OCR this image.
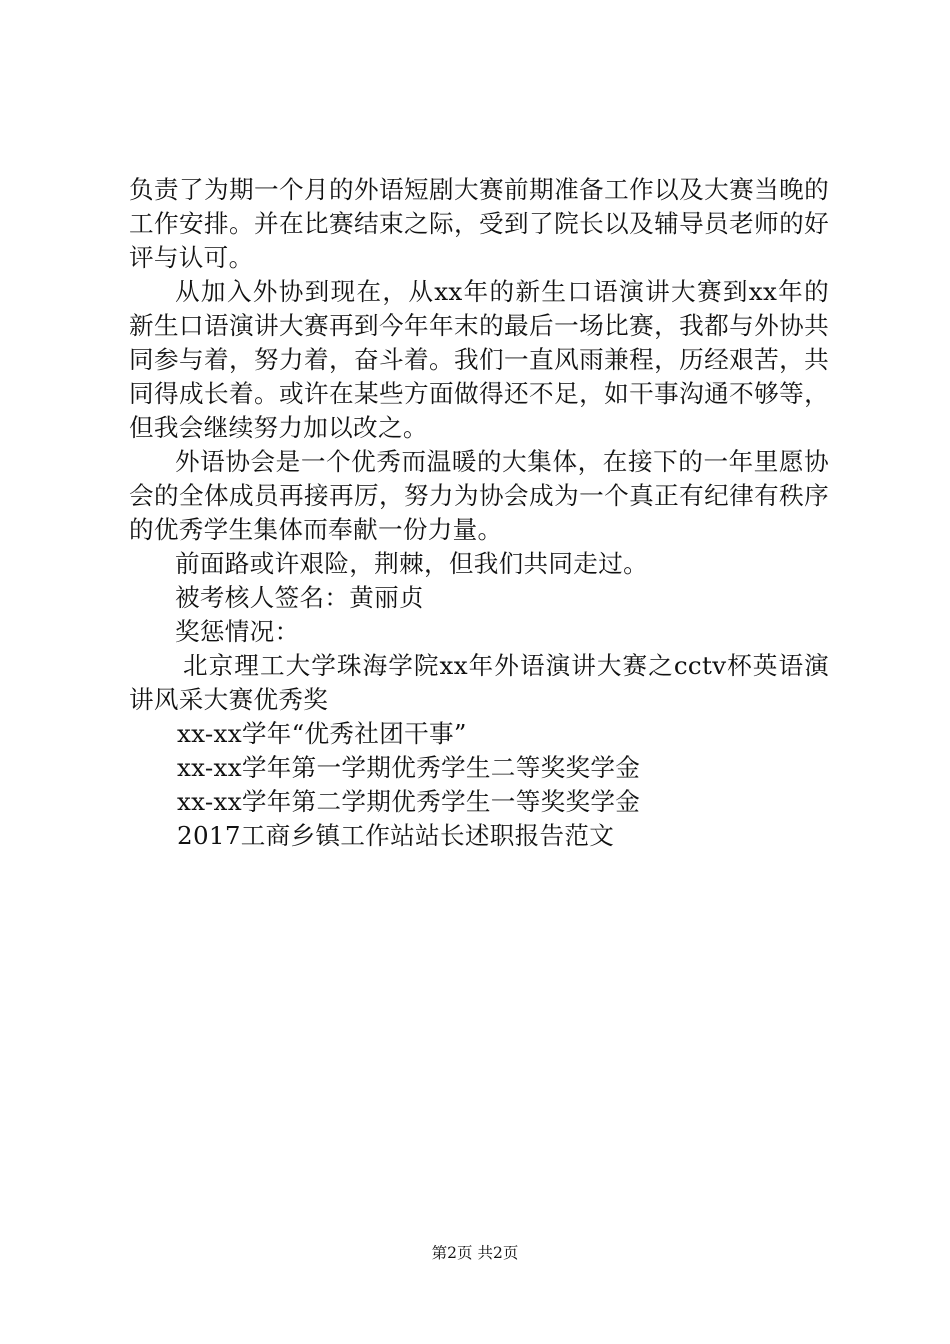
负责了为期一个月的外语短剧大赛前期准备工作以及大赛当晚的工作安排。并在比赛结束之际，受到了院长以及辅导员老师的好评与认可。

从加入外协到现在，从xx年的新生口语演讲大赛到xx年的新生口语演讲大赛再到今年年末的最后一场比赛，我都与外协共同参与着，努力着，奋斗着。我们一直风雨兼程，历经艰苦，共同得成长着。或许在某些方面做得还不足，如干事沟通不够等，但我会继续努力加以改之。

外语协会是一个优秀而温暖的大集体，在接下的一年里愿协会的全体成员再接再厉，努力为协会成为一个真正有纪律有秩序的优秀学生集体而奉献一份力量。

前面路或许艰险，荆棘，但我们共同走过。

被考核人签名：黄丽贞

奖惩情况：

北京理工大学珠海学院xx年外语演讲大赛之cctv杯英语演讲风采大赛优秀奖

xx-xx学年“优秀社团干事”

xx-xx学年第一学期优秀学生二等奖奖学金

xx-xx学年第二学期优秀学生一等奖奖学金

2017工商乡镇工作站站长述职报告范文

第2页 共2页
